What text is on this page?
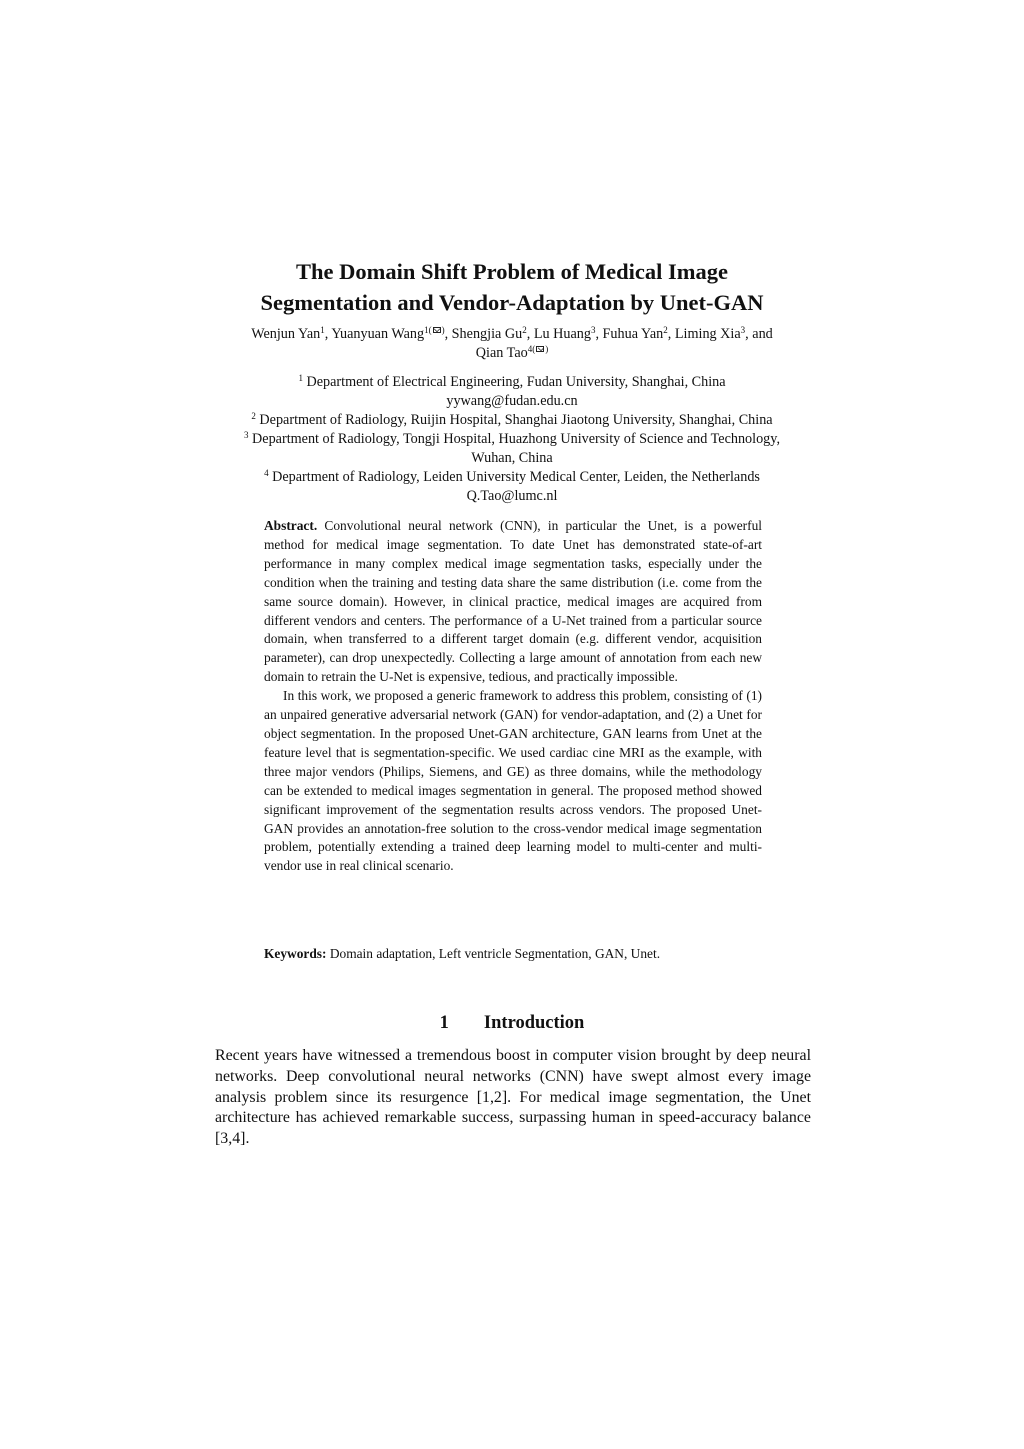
The Domain Shift Problem of Medical Image
Segmentation and Vendor-Adaptation by Unet-GAN
Wenjun Yan$^1$, Yuanyuan Wang$^{1( )}$, Shengjia Gu$^2$, Lu Huang$^3$, Fuhua Yan$^2$, Liming Xia$^3$, and
Qian Tao$^{4( )}$
$^1$ Department of Electrical Engineering, Fudan University, Shanghai, China
yywang@fudan.edu.cn
$^2$ Department of Radiology, Ruijin Hospital, Shanghai Jiaotong University, Shanghai, China
$^3$ Department of Radiology, Tongji Hospital, Huazhong University of Science and Technology,
Wuhan, China
$^4$ Department of Radiology, Leiden University Medical Center, Leiden, the Netherlands
Q.Tao@lumc.nl

Abstract. Convolutional neural network (CNN), in particular the Unet, is a powerful method for medical image segmentation. To date Unet has demonstrated state-of-art performance in many complex medical image segmentation tasks, especially under the condition when the training and testing data share the same distribution (i.e. come from the same source domain). However, in clinical practice, medical images are acquired from different vendors and centers. The performance of a U-Net trained from a particular source domain, when transferred to a different target domain (e.g. different vendor, acquisition parameter), can drop unexpectedly. Collecting a large amount of annotation from each new domain to retrain the U-Net is expensive, tedious, and practically impossible.

In this work, we proposed a generic framework to address this problem, consisting of (1) an unpaired generative adversarial network (GAN) for vendor-adaptation, and (2) a Unet for object segmentation. In the proposed Unet-GAN architecture, GAN learns from Unet at the feature level that is segmentation-specific. We used cardiac cine MRI as the example, with three major vendors (Philips, Siemens, and GE) as three domains, while the methodology can be extended to medical images segmentation in general. The proposed method showed significant improvement of the segmentation results across vendors. The proposed Unet-GAN provides an annotation-free solution to the cross-vendor medical image segmentation problem, potentially extending a trained deep learning model to multi-center and multi-vendor use in real clinical scenario.

Keywords: Domain adaptation, Left ventricle Segmentation, GAN, Unet.
1 Introduction

Recent years have witnessed a tremendous boost in computer vision brought by deep neural networks. Deep convolutional neural networks (CNN) have swept almost every image analysis problem since its resurgence [1,2]. For medical image segmentation, the Unet architecture has achieved remarkable success, surpassing human in speed-accuracy balance [3,4].
